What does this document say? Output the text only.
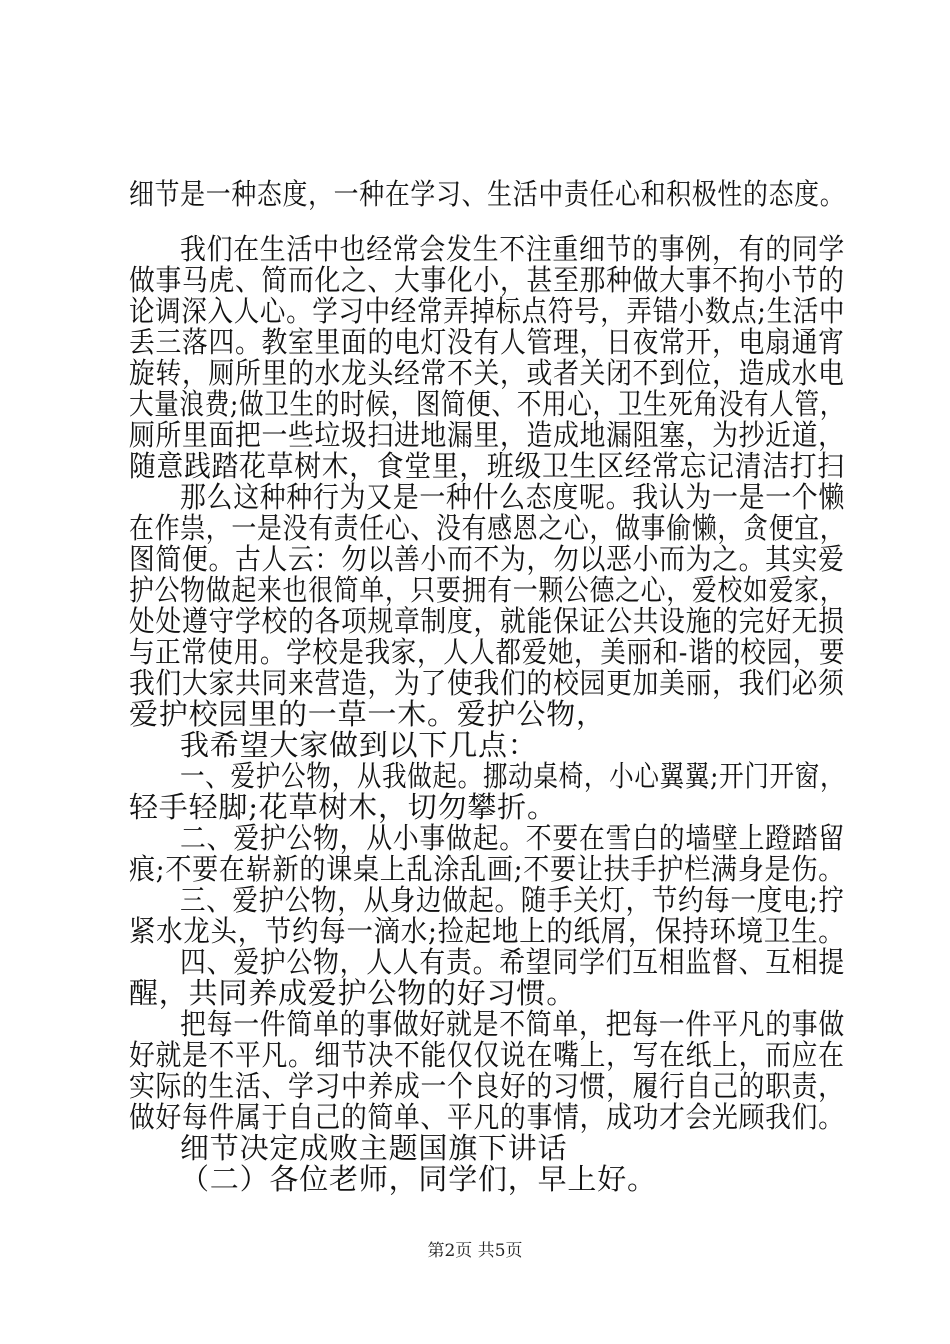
细节是一种态度，一种在学习、生活中责任心和积极性的态度。
我们在生活中也经常会发生不注重细节的事例，有的同学
做事马虎、简而化之、大事化小，甚至那种做大事不拘小节的
论调深入人心。学习中经常弄掉标点符号，弄错小数点;生活中
丢三落四。教室里面的电灯没有人管理，日夜常开，电扇通宵
旋转，厕所里的水龙头经常不关，或者关闭不到位，造成水电
大量浪费;做卫生的时候，图简便、不用心，卫生死角没有人管，
厕所里面把一些垃圾扫进地漏里，造成地漏阻塞，为抄近道，
随意践踏花草树木，食堂里，班级卫生区经常忘记清洁打扫
那么这种种行为又是一种什么态度呢。我认为一是一个懒
在作祟，一是没有责任心、没有感恩之心，做事偷懒，贪便宜，
图简便。古人云：勿以善小而不为，勿以恶小而为之。其实爱
护公物做起来也很简单，只要拥有一颗公德之心，爱校如爱家，
处处遵守学校的各项规章制度，就能保证公共设施的完好无损
与正常使用。学校是我家，人人都爱她，美丽和-谐的校园，要
我们大家共同来营造，为了使我们的校园更加美丽，我们必须
爱护校园里的一草一木。爱护公物，
我希望大家做到以下几点：
一、爱护公物，从我做起。挪动桌椅，小心翼翼;开门开窗，
轻手轻脚;花草树木，切勿攀折。
二、爱护公物，从小事做起。不要在雪白的墙壁上蹬踏留
痕;不要在崭新的课桌上乱涂乱画;不要让扶手护栏满身是伤。
三、爱护公物，从身边做起。随手关灯，节约每一度电;拧
紧水龙头，节约每一滴水;捡起地上的纸屑，保持环境卫生。
四、爱护公物，人人有责。希望同学们互相监督、互相提
醒，共同养成爱护公物的好习惯。
把每一件简单的事做好就是不简单，把每一件平凡的事做
好就是不平凡。细节决不能仅仅说在嘴上，写在纸上，而应在
实际的生活、学习中养成一个良好的习惯，履行自己的职责，
做好每件属于自己的简单、平凡的事情，成功才会光顾我们。
细节决定成败主题国旗下讲话
（二）各位老师，同学们，早上好。
第2页 共5页
